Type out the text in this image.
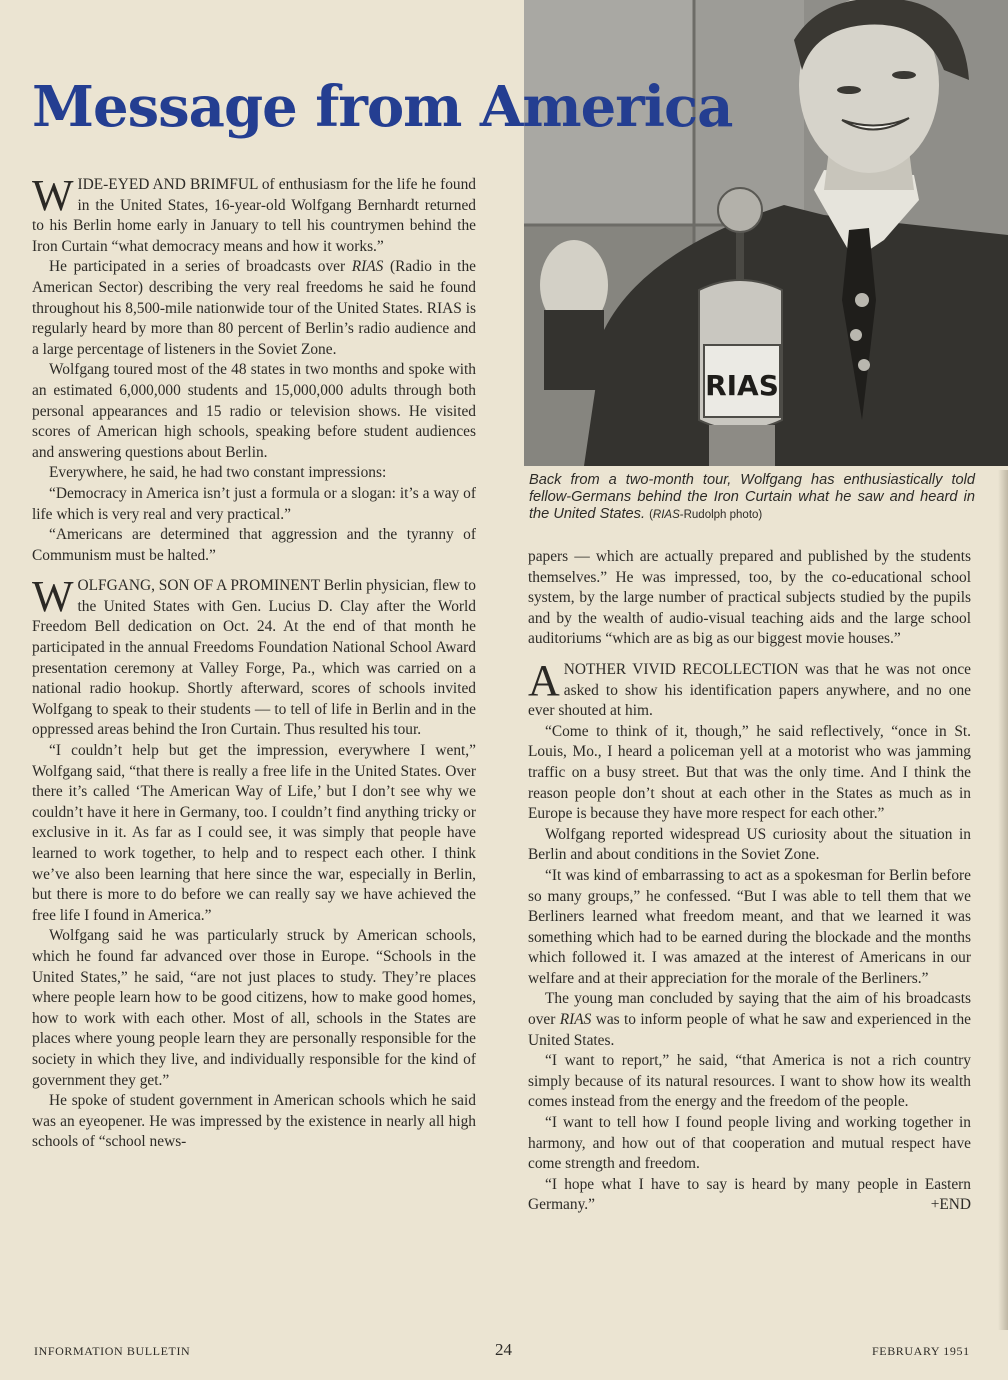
RIAS
Message from America

WIDE-EYED AND BRIMFUL of enthusiasm for the life he found in the United States, 16-year-old Wolfgang Bernhardt returned to his Berlin home early in January to tell his countrymen behind the Iron Curtain “what democracy means and how it works.”

He participated in a series of broadcasts over RIAS (Radio in the American Sector) describing the very real freedoms he said he found throughout his 8,500-mile nationwide tour of the United States. RIAS is regularly heard by more than 80 percent of Berlin’s radio audience and a large percentage of listeners in the Soviet Zone.

Wolfgang toured most of the 48 states in two months and spoke with an estimated 6,000,000 students and 15,000,000 adults through both personal appearances and 15 radio or television shows. He visited scores of American high schools, speaking before student audiences and answering questions about Berlin.

Everywhere, he said, he had two constant impressions:

“Democracy in America isn’t just a formula or a slogan: it’s a way of life which is very real and very practical.”

“Americans are determined that aggression and the tyranny of Communism must be halted.”

WOLFGANG, SON OF A PROMINENT Berlin physician, flew to the United States with Gen. Lucius D. Clay after the World Freedom Bell dedication on Oct. 24. At the end of that month he participated in the annual Freedoms Foundation National School Award presentation ceremony at Valley Forge, Pa., which was carried on a national radio hookup. Shortly afterward, scores of schools invited Wolfgang to speak to their students — to tell of life in Berlin and in the oppressed areas behind the Iron Curtain. Thus resulted his tour.

“I couldn’t help but get the impression, everywhere I went,” Wolfgang said, “that there is really a free life in the United States. Over there it’s called ‘The American Way of Life,’ but I don’t see why we couldn’t have it here in Germany, too. I couldn’t find anything tricky or exclusive in it. As far as I could see, it was simply that people have learned to work together, to help and to respect each other. I think we’ve also been learning that here since the war, especially in Berlin, but there is more to do before we can really say we have achieved the free life I found in America.”

Wolfgang said he was particularly struck by American schools, which he found far advanced over those in Europe. “Schools in the United States,” he said, “are not just places to study. They’re places where people learn how to be good citizens, how to make good homes, how to work with each other. Most of all, schools in the States are places where young people learn they are personally responsible for the society in which they live, and individually responsible for the kind of government they get.”

He spoke of student government in American schools which he said was an eyeopener. He was impressed by the existence in nearly all high schools of “school news-

Back from a two-month tour, Wolfgang has enthusiastically told fellow-Germans behind the Iron Curtain what he saw and heard in the United States. (RIAS-Rudolph photo)

papers — which are actually prepared and published by the students themselves.” He was impressed, too, by the co-educational school system, by the large number of practical subjects studied by the pupils and by the wealth of audio-visual teaching aids and the large school auditoriums “which are as big as our biggest movie houses.”

ANOTHER VIVID RECOLLECTION was that he was not once asked to show his identification papers anywhere, and no one ever shouted at him.

“Come to think of it, though,” he said reflectively, “once in St. Louis, Mo., I heard a policeman yell at a motorist who was jamming traffic on a busy street. But that was the only time. And I think the reason people don’t shout at each other in the States as much as in Europe is because they have more respect for each other.”

Wolfgang reported widespread US curiosity about the situation in Berlin and about conditions in the Soviet Zone.

“It was kind of embarrassing to act as a spokesman for Berlin before so many groups,” he confessed. “But I was able to tell them that we Berliners learned what freedom meant, and that we learned it was something which had to be earned during the blockade and the months which followed it. I was amazed at the interest of Americans in our welfare and at their appreciation for the morale of the Berliners.”

The young man concluded by saying that the aim of his broadcasts over RIAS was to inform people of what he saw and experienced in the United States.

“I want to report,” he said, “that America is not a rich country simply because of its natural resources. I want to show how its wealth comes instead from the energy and the freedom of the people.

“I want to tell how I found people living and working together in harmony, and how out of that cooperation and mutual respect have come strength and freedom.

“I hope what I have to say is heard by many people in Eastern Germany.”	+END

INFORMATION BULLETIN	24	FEBRUARY 1951
